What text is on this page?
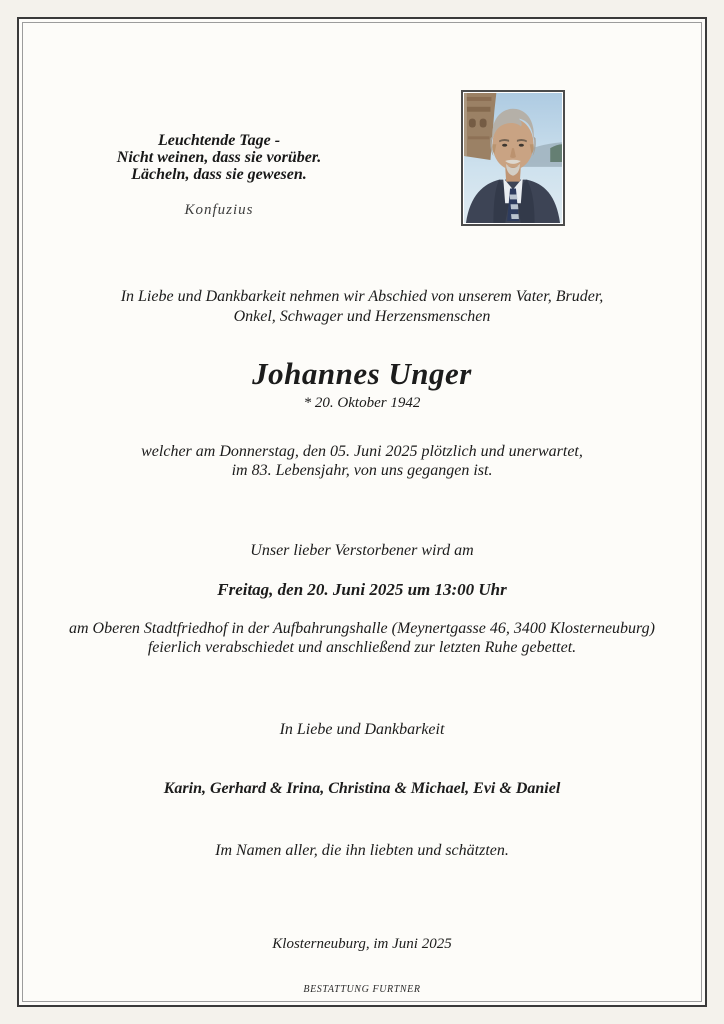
Leuchtende Tage -
Nicht weinen, dass sie vorüber.
Lächeln, dass sie gewesen.
Konfuzius
In Liebe und Dankbarkeit nehmen wir Abschied von unserem Vater, Bruder,
Onkel, Schwager und Herzensmenschen
Johannes Unger
* 20. Oktober 1942
welcher am Donnerstag, den 05. Juni 2025 plötzlich und unerwartet,
im 83. Lebensjahr, von uns gegangen ist.
Unser lieber Verstorbener wird am
Freitag, den 20. Juni 2025 um 13:00 Uhr
am Oberen Stadtfriedhof in der Aufbahrungshalle (Meynertgasse 46, 3400 Klosterneuburg)
feierlich verabschiedet und anschließend zur letzten Ruhe gebettet.
In Liebe und Dankbarkeit
Karin, Gerhard & Irina, Christina & Michael, Evi & Daniel
Im Namen aller, die ihn liebten und schätzten.
Klosterneuburg, im Juni 2025
BESTATTUNG FURTNER
